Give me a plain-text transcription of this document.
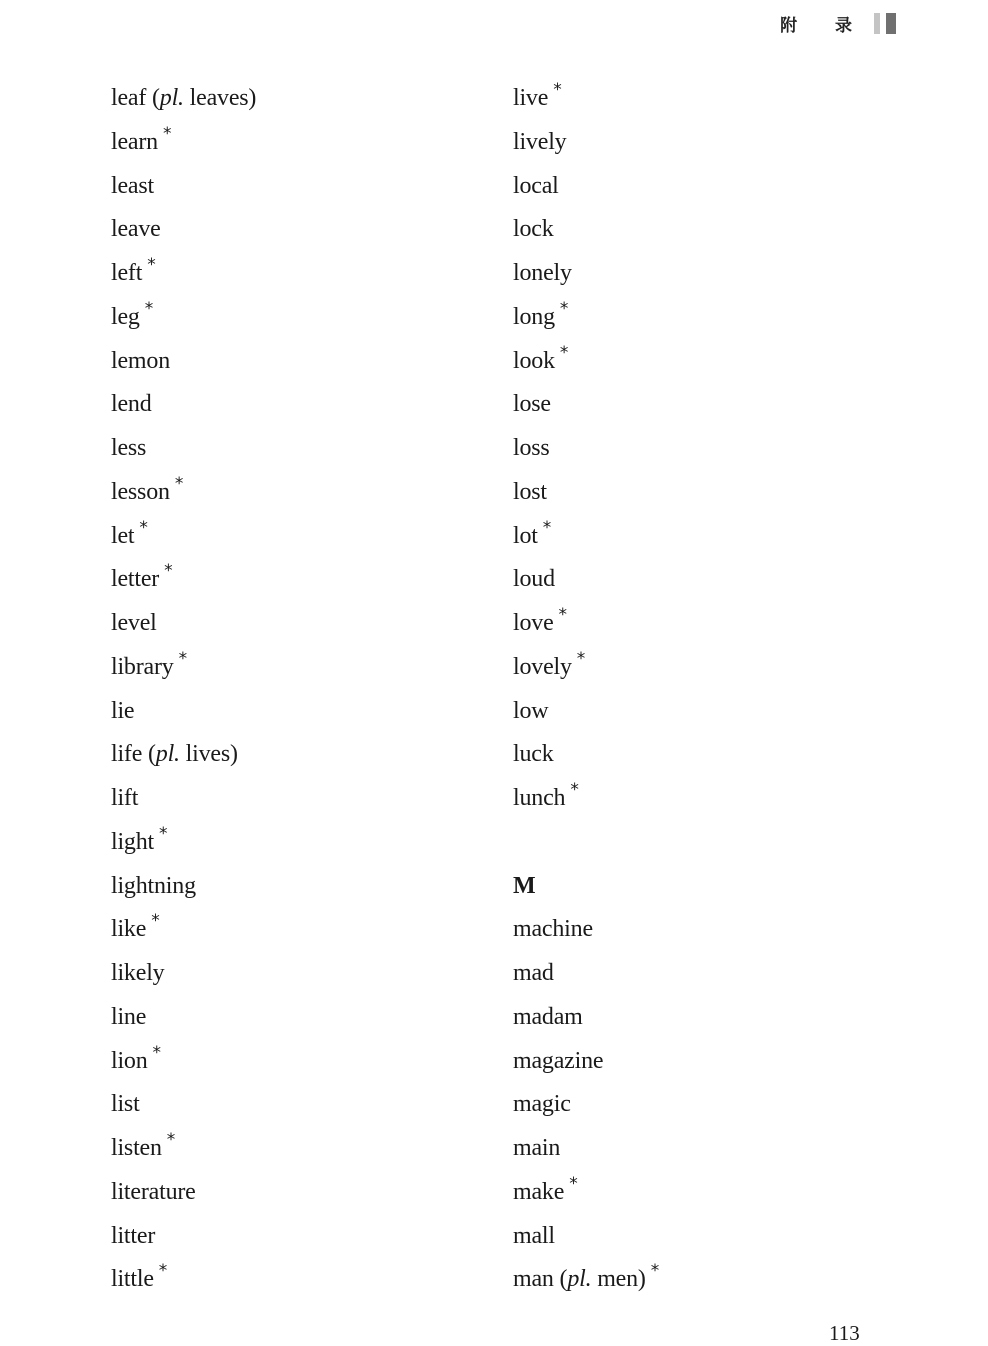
附 录
leaf (pl. leaves)
learn *
least
leave
left *
leg *
lemon
lend
less
lesson *
let *
letter *
level
library *
lie
life (pl. lives)
lift
light *
lightning
like *
likely
line
lion *
list
listen *
literature
litter
little *
live *
lively
local
lock
lonely
long *
look *
lose
loss
lost
lot *
loud
love *
lovely *
low
luck
lunch *
M
machine
mad
madam
magazine
magic
main
make *
mall
man (pl. men) *
113
